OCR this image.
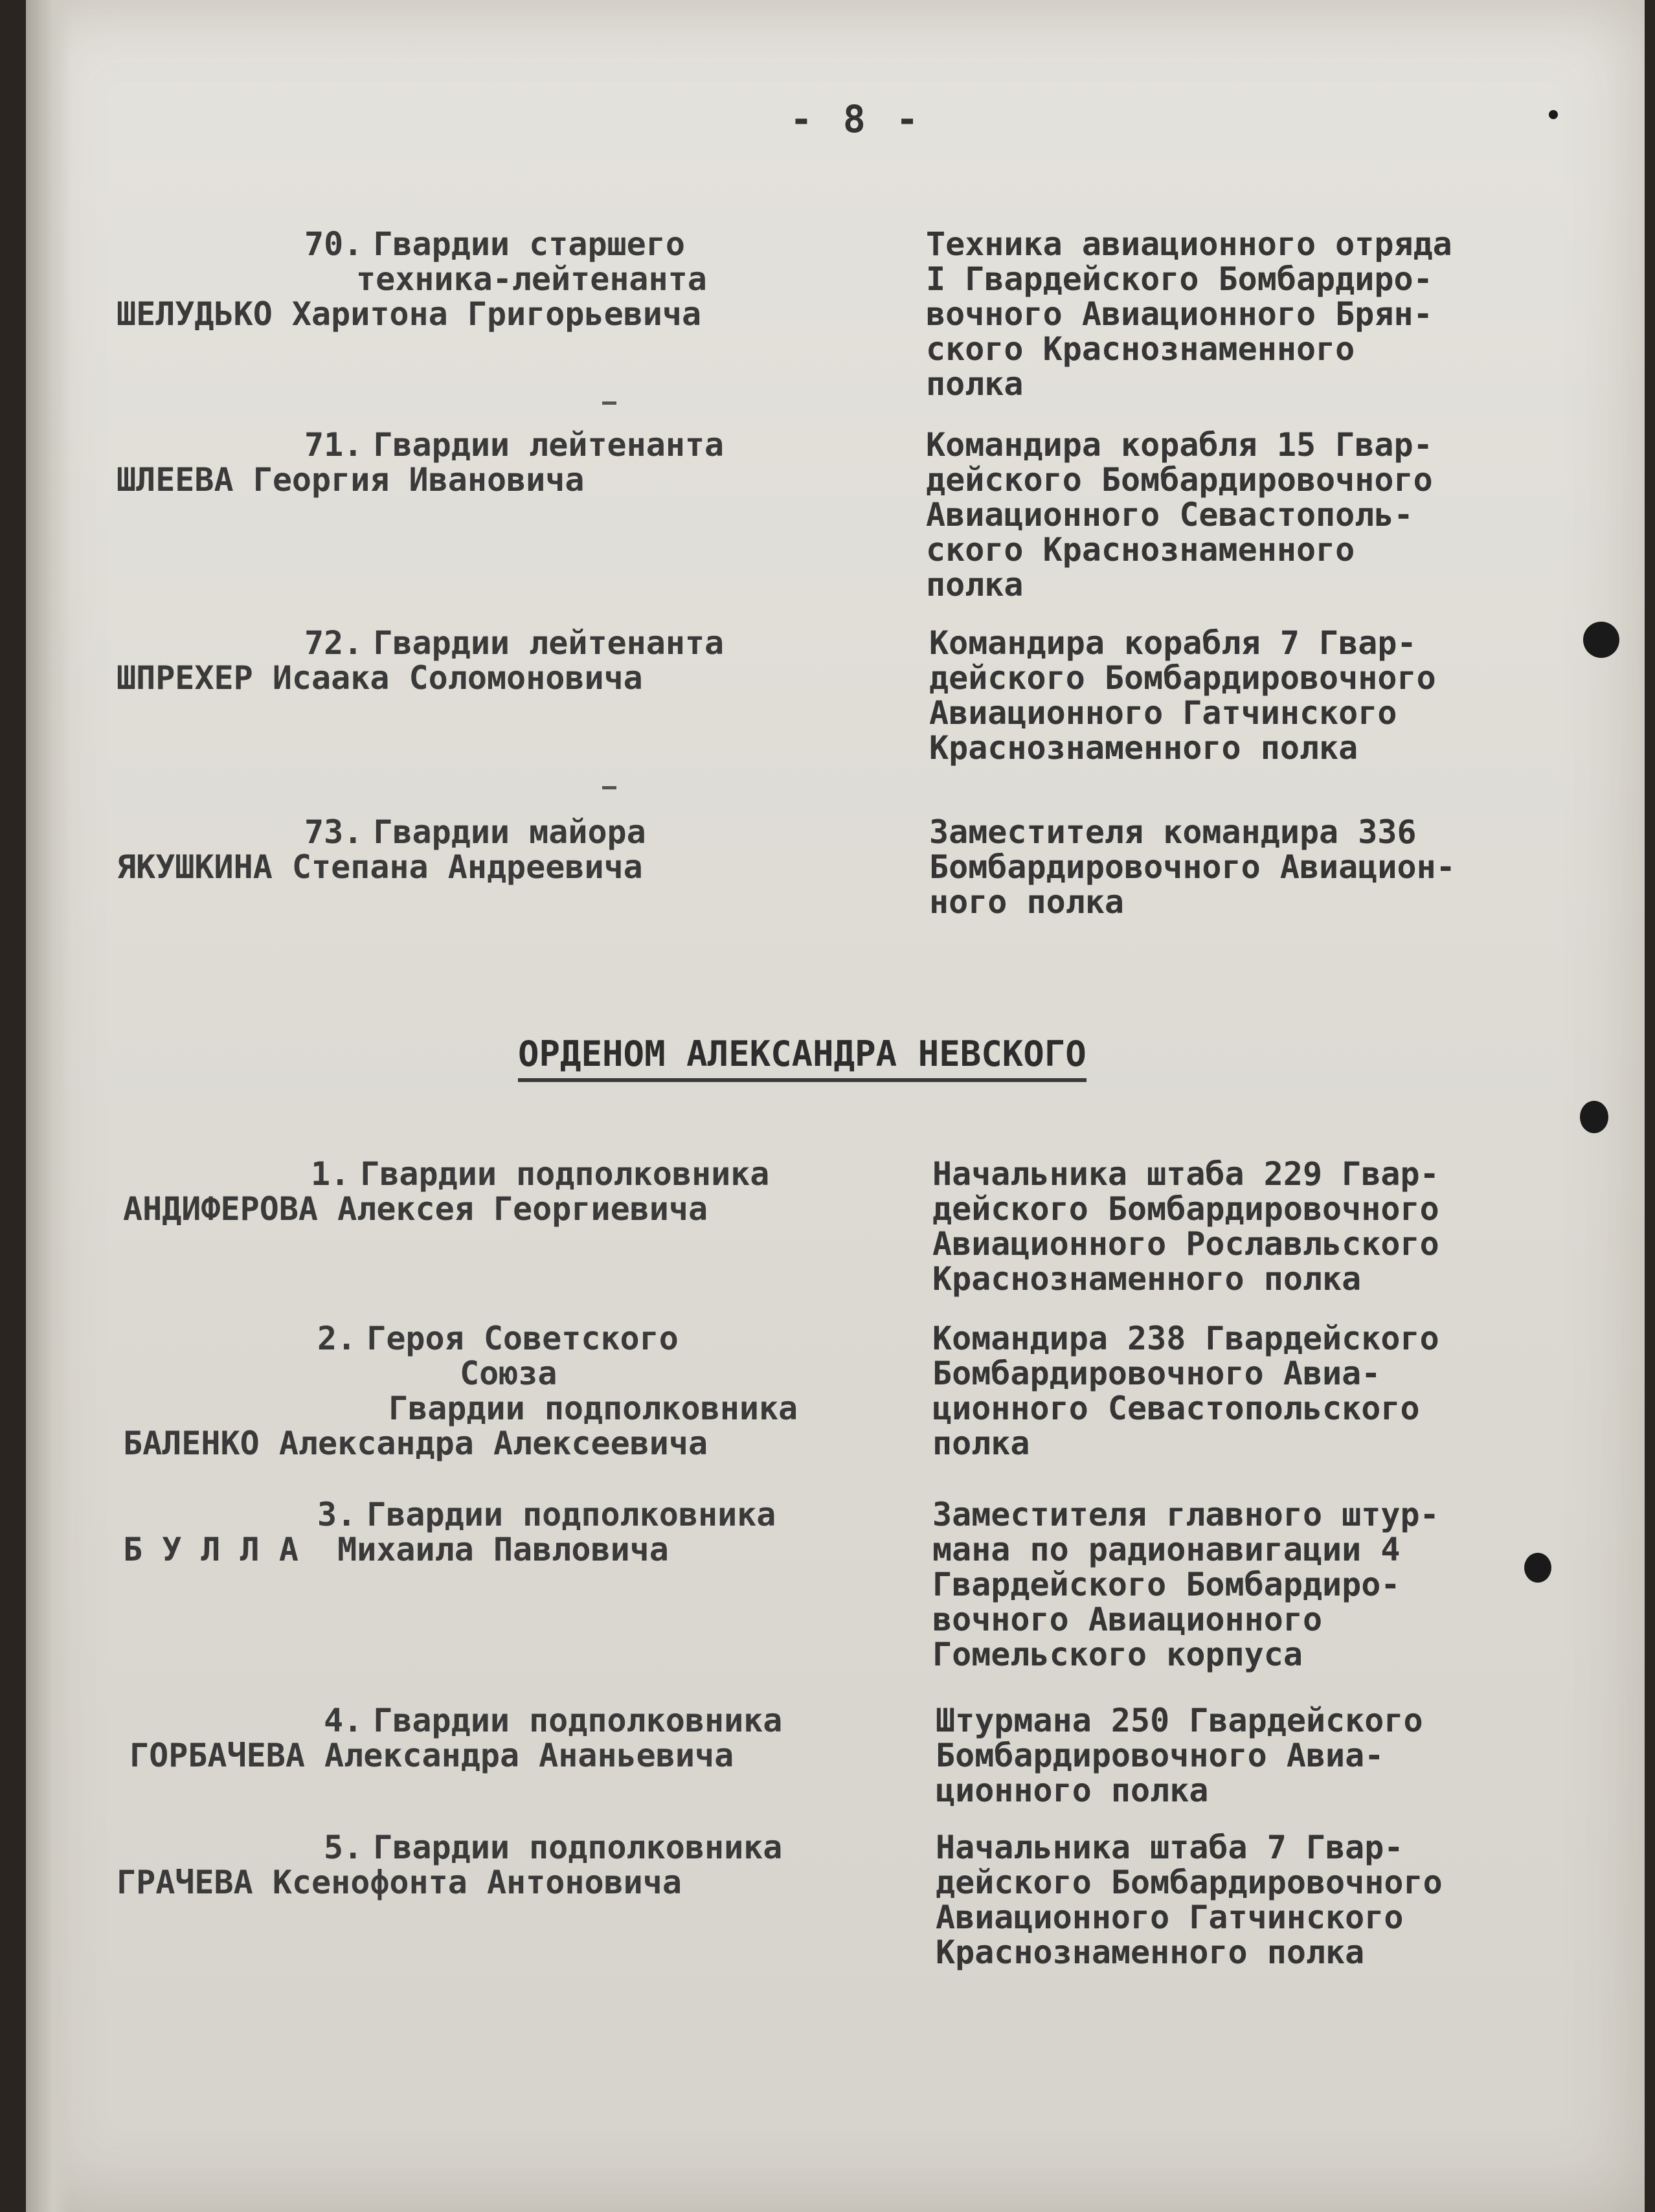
- 8 -
70. Гвардии старшего
техника-лейтенанта
ШЕЛУДЬКО Харитона Григорьевича
Техника авиационного отряда
I Гвардейского Бомбардиро-
вочного Авиационного Брян-
ского Краснознаменного
полка
71. Гвардии лейтенанта
ШЛЕЕВА Георгия Ивановича
Командира корабля 15 Гвар-
дейского Бомбардировочного
Авиационного Севастополь-
ского Краснознаменного
полка
72. Гвардии лейтенанта
ШПРЕХЕР Исаака Соломоновича
Командира корабля 7 Гвар-
дейского Бомбардировочного
Авиационного Гатчинского
Краснознаменного полка
73. Гвардии майора
ЯКУШКИНА Степана Андреевича
Заместителя командира 336
Бомбардировочного Авиацион-
ного полка
ОРДЕНОМ АЛЕКСАНДРА НЕВСКОГО
1. Гвардии подполковника
АНДИФЕРОВА Алексея Георгиевича
Начальника штаба 229 Гвар-
дейского Бомбардировочного
Авиационного Рославльского
Краснознаменного полка
2. Героя Советского
Союза
Гвардии подполковника
БАЛЕНКО Александра Алексеевича
Командира 238 Гвардейского
Бомбардировочного Авиа-
ционного Севастопольского
полка
3. Гвардии подполковника
Б У Л Л А  Михаила Павловича
Заместителя главного штур-
мана по радионавигации 4
Гвардейского Бомбардиро-
вочного Авиационного
Гомельского корпуса
4. Гвардии подполковника
ГОРБАЧЕВА Александра Ананьевича
Штурмана 250 Гвардейского
Бомбардировочного Авиа-
ционного полка
5. Гвардии подполковника
ГРАЧЕВА Ксенофонта Антоновича
Начальника штаба 7 Гвар-
дейского Бомбардировочного
Авиационного Гатчинского
Краснознаменного полка
